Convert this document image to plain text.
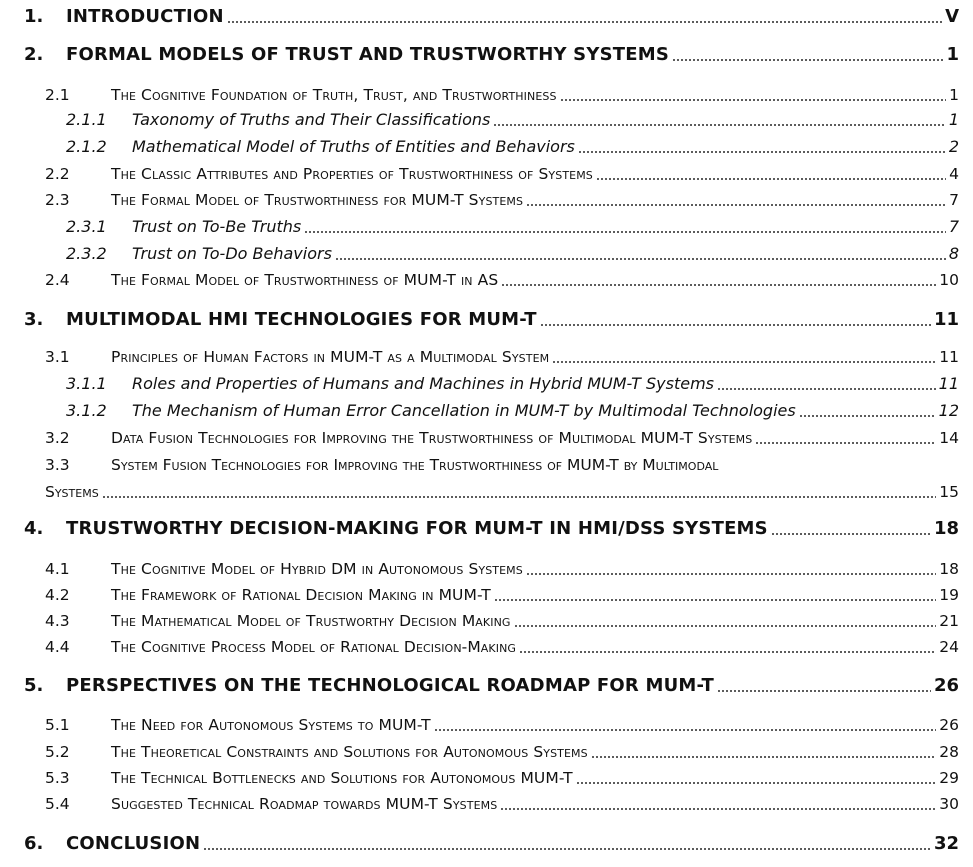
1.	INTRODUCTION	V
2.	FORMAL MODELS OF TRUST AND TRUSTWORTHY SYSTEMS	1
2.1	The Cognitive Foundation of Truth, Trust, and Trustworthiness	1
2.1.1	Taxonomy of Truths and Their Classifications	1
2.1.2	Mathematical Model of Truths of Entities and Behaviors	2
2.2	The Classic Attributes and Properties of Trustworthiness of Systems	4
2.3	The Formal Model of Trustworthiness for MUM-T Systems	7
2.3.1	Trust on To-Be Truths	7
2.3.2	Trust on To-Do Behaviors	8
2.4	The Formal Model of Trustworthiness of MUM-T in AS	10
3.	MULTIMODAL HMI TECHNOLOGIES FOR MUM-T	11
3.1	Principles of Human Factors in MUM-T as a Multimodal System	11
3.1.1	Roles and Properties of Humans and Machines in Hybrid MUM-T Systems	11
3.1.2	The Mechanism of Human Error Cancellation in MUM-T by Multimodal Technologies	12
3.2	Data Fusion Technologies for Improving the Trustworthiness of Multimodal MUM-T Systems	14
3.3	System Fusion Technologies for Improving the Trustworthiness of MUM-T by Multimodal
Systems	15
4.	TRUSTWORTHY DECISION-MAKING FOR MUM-T IN HMI/DSS SYSTEMS	18
4.1	The Cognitive Model of Hybrid DM in Autonomous Systems	18
4.2	The Framework of Rational Decision Making in MUM-T	19
4.3	The Mathematical Model of Trustworthy Decision Making	21
4.4	The Cognitive Process Model of Rational Decision-Making	24
5.	PERSPECTIVES ON THE TECHNOLOGICAL ROADMAP FOR MUM-T	26
5.1	The Need for Autonomous Systems to MUM-T	26
5.2	The Theoretical Constraints and Solutions for Autonomous Systems	28
5.3	The Technical Bottlenecks and Solutions for Autonomous MUM-T	29
5.4	Suggested Technical Roadmap towards MUM-T Systems	30
6.	CONCLUSION	32
